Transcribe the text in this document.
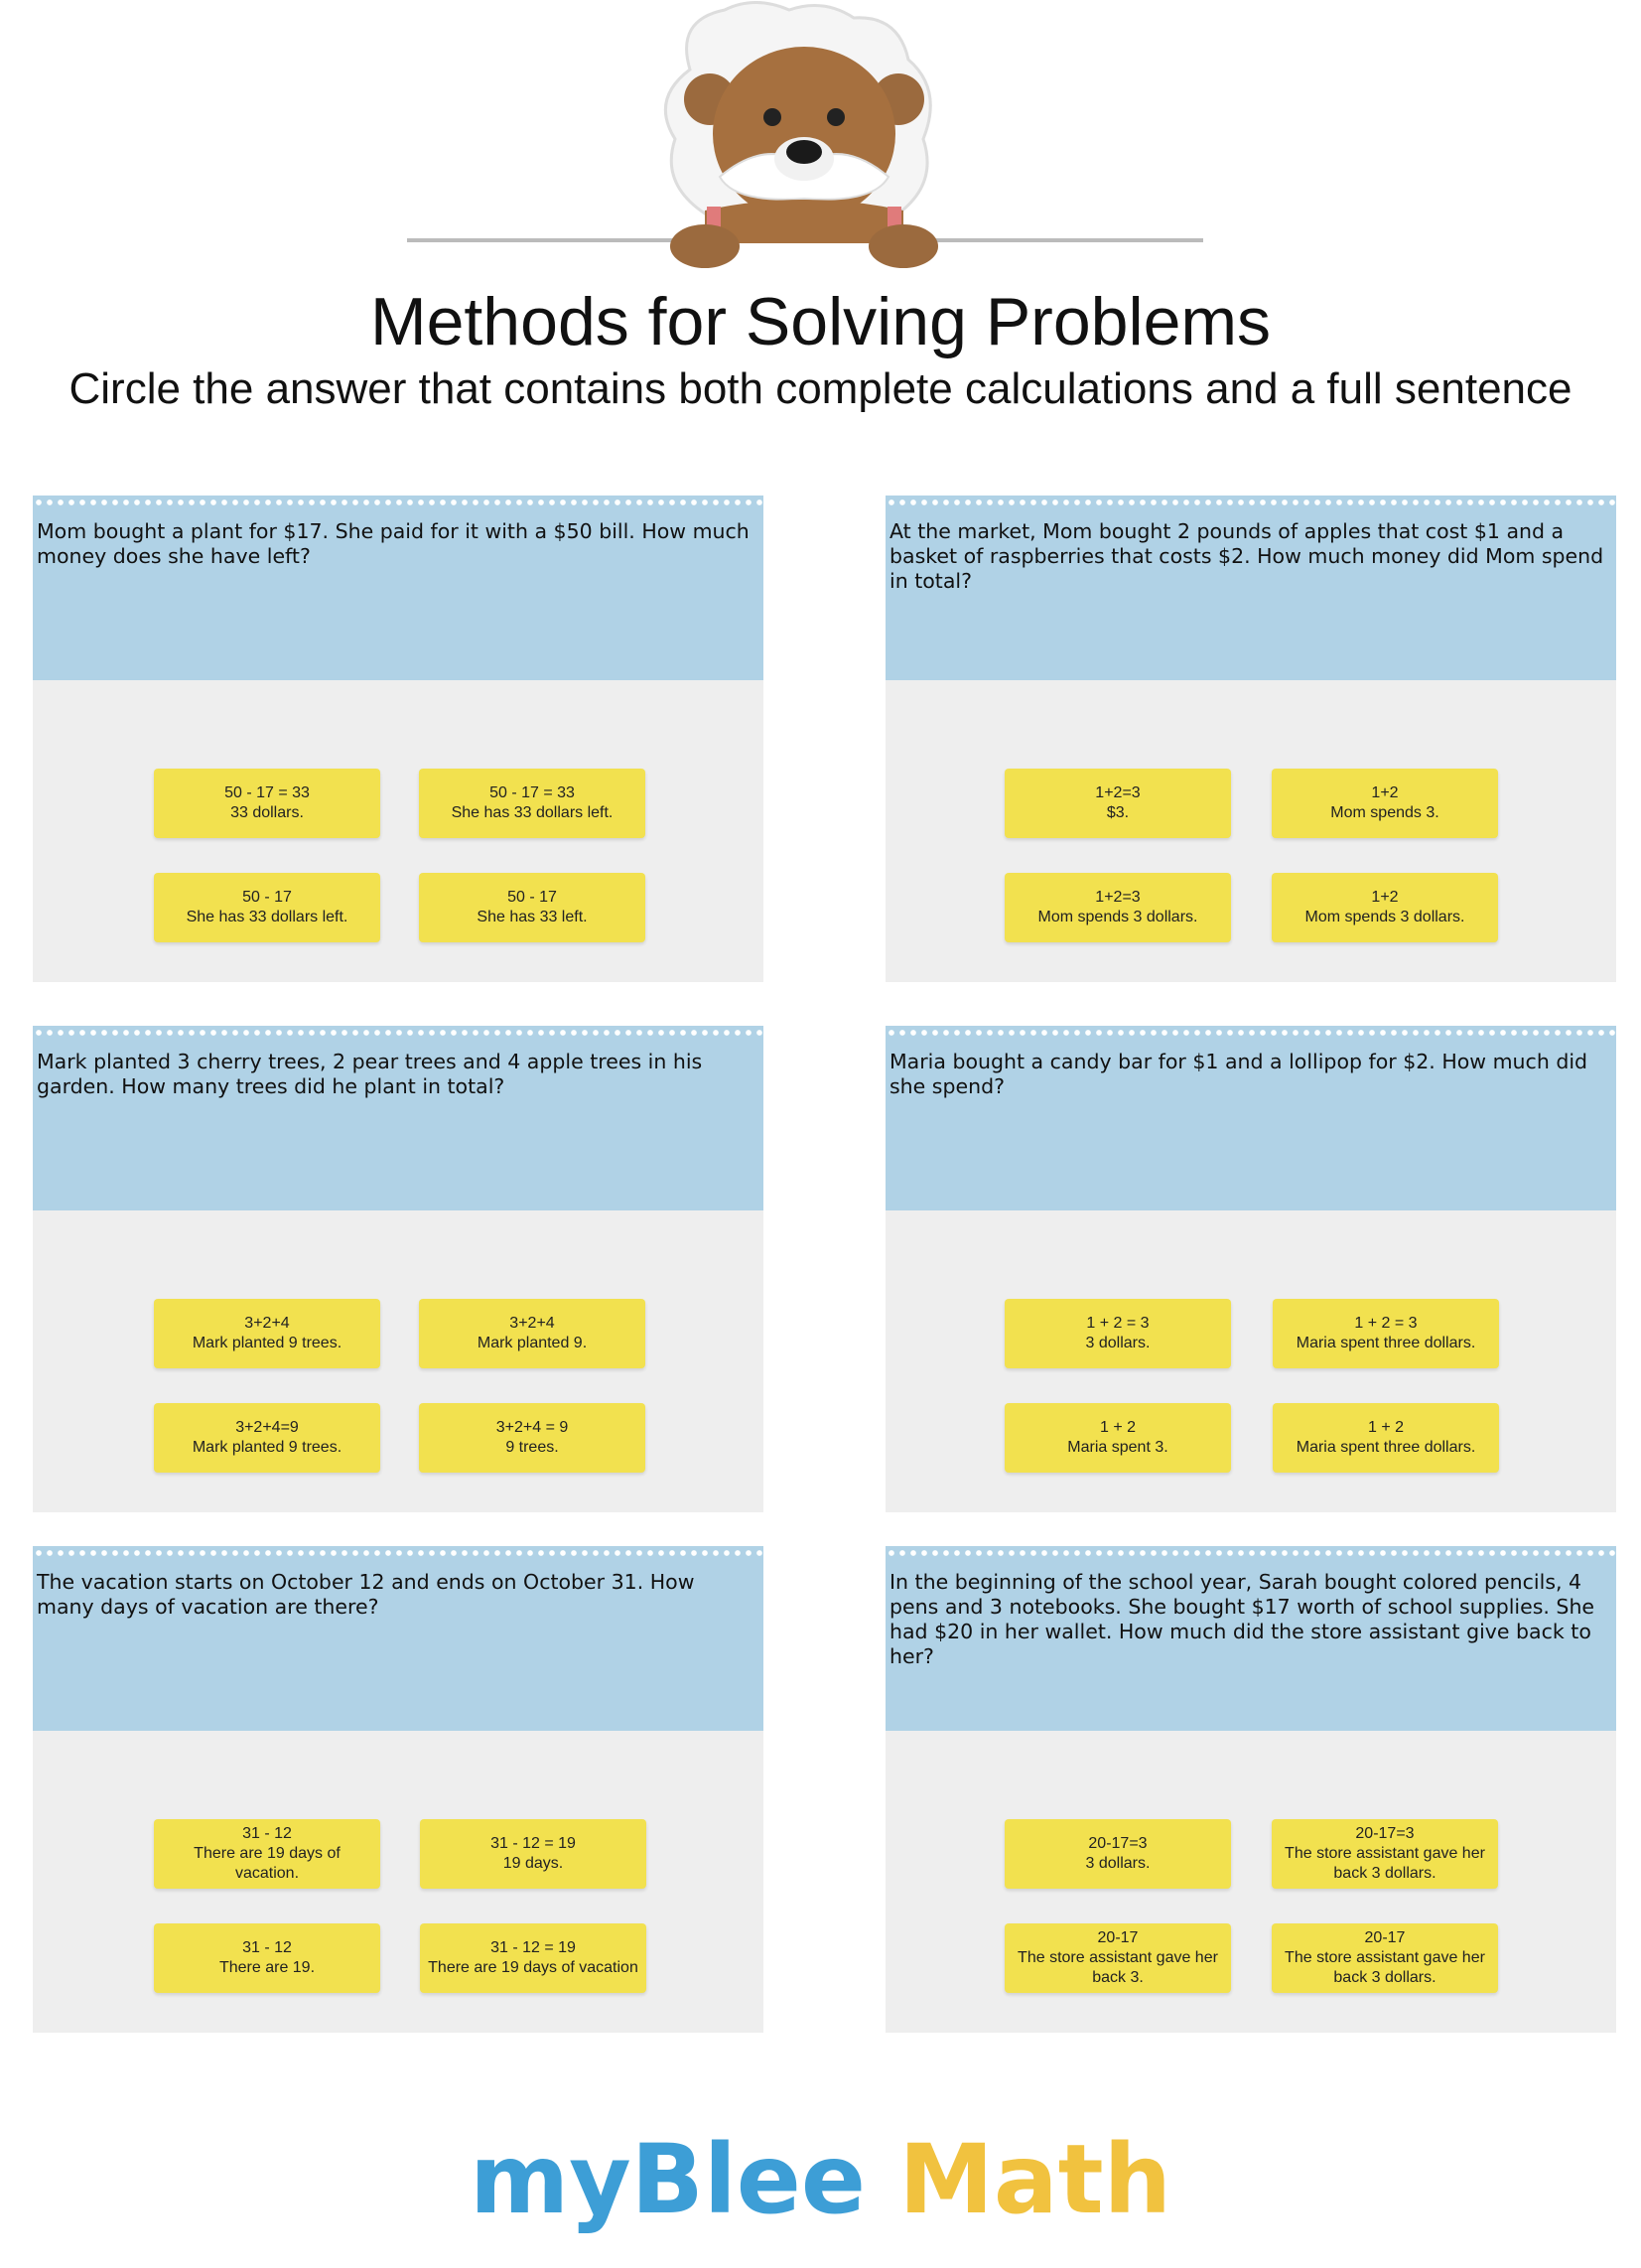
Methods for Solving Problems
Circle the answer that contains both complete calculations and a full sentence
Mom bought a plant for $17. She paid for it with a $50 bill. How much money does she have left?
50 - 17 = 33
33 dollars.
50 - 17 = 33
She has 33 dollars left.
50 - 17
She has 33 dollars left.
50 - 17
She has 33 left.
At the market, Mom bought 2 pounds of apples that cost $1 and a basket of raspberries that costs $2. How much money did Mom spend in total?
1+2=3
$3.
1+2
Mom spends 3.
1+2=3
Mom spends 3 dollars.
1+2
Mom spends 3 dollars.
Mark planted 3 cherry trees, 2 pear trees and 4 apple trees in his garden. How many trees did he plant in total?
3+2+4
Mark planted 9 trees.
3+2+4
Mark planted 9.
3+2+4=9
Mark planted 9 trees.
3+2+4 = 9
9 trees.
Maria bought a candy bar for $1 and a lollipop for $2. How much did she spend?
1 + 2 = 3
3 dollars.
1 + 2 = 3
Maria spent three dollars.
1 + 2
Maria spent 3.
1 + 2
Maria spent three dollars.
The vacation starts on October 12 and ends on October 31. How many days of vacation are there?
31 - 12
There are 19 days of vacation.
31 - 12 = 19
19 days.
31 - 12
There are 19.
31 - 12 = 19
There are 19 days of vacation
In the beginning of the school year, Sarah bought colored pencils, 4 pens and 3 notebooks. She bought $17 worth of school supplies. She had $20 in her wallet. How much did the store assistant give back to her?
20-17=3
3 dollars.
20-17=3
The store assistant gave her back 3 dollars.
20-17
The store assistant gave her back 3.
20-17
The store assistant gave her back 3 dollars.
myBlee Math
